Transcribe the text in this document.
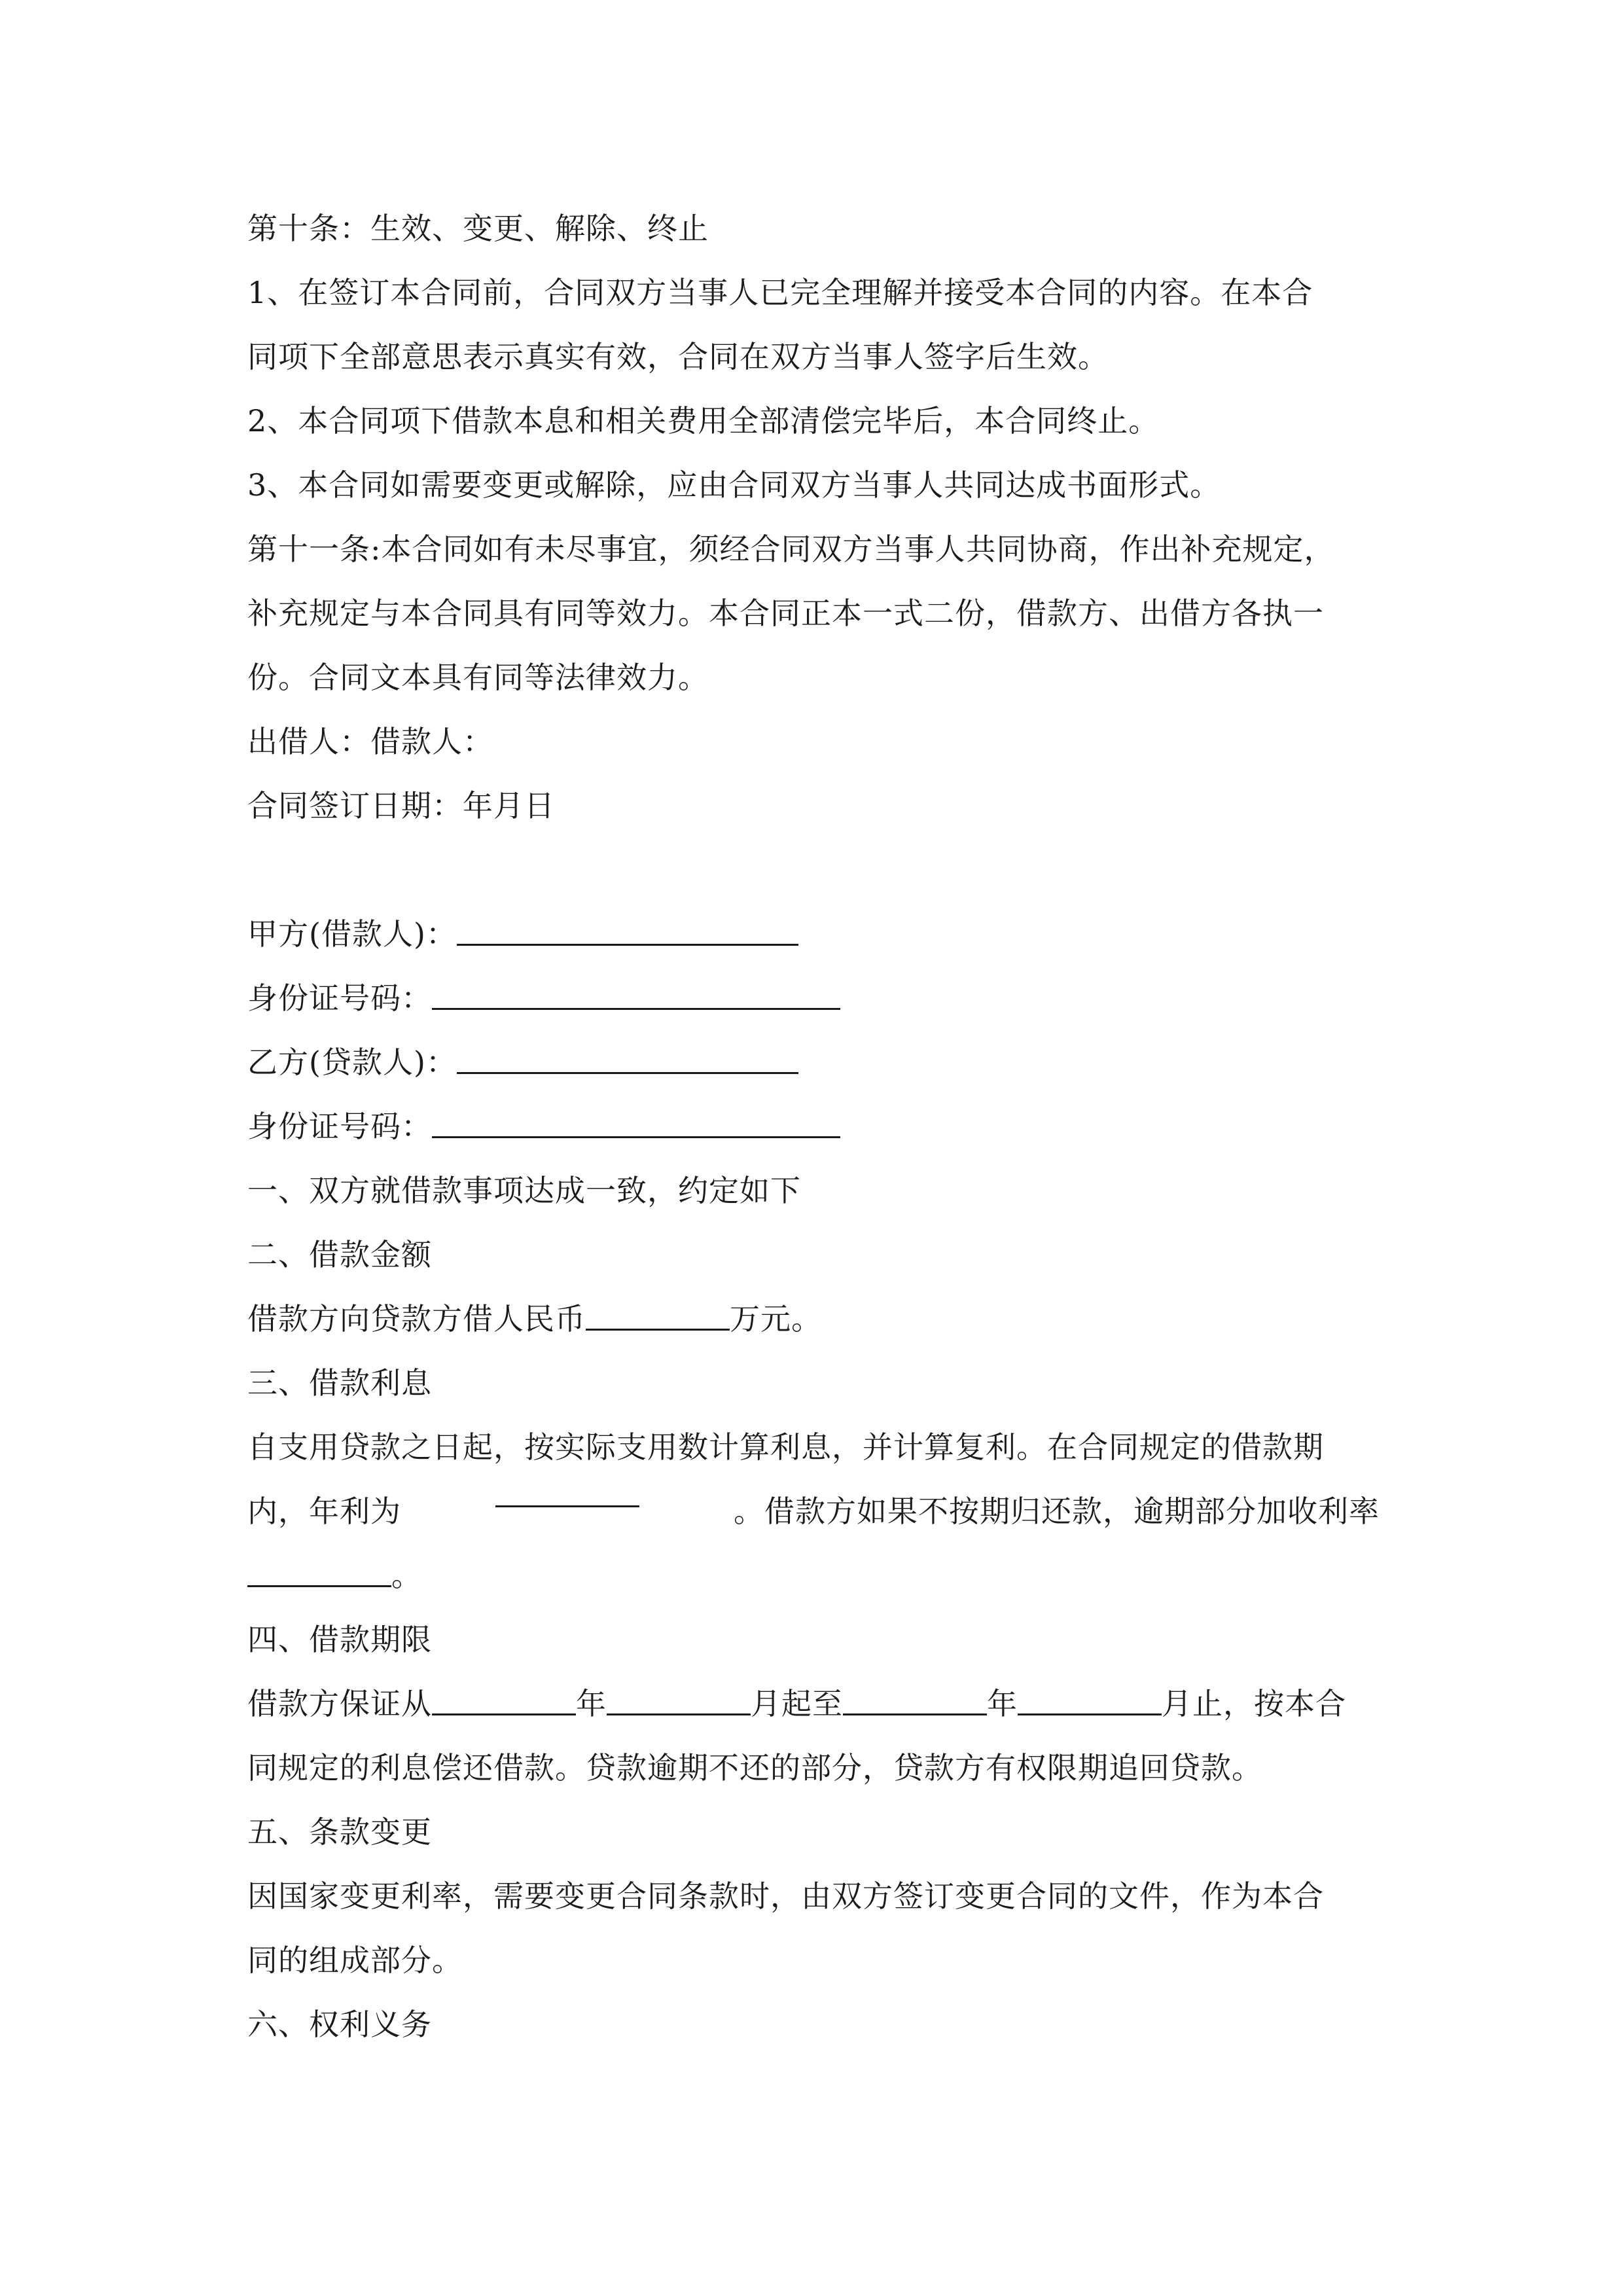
第十条：生效、变更、解除、终止
1、在签订本合同前，合同双方当事人已完全理解并接受本合同的内容。在本合
同项下全部意思表示真实有效，合同在双方当事人签字后生效。
2、本合同项下借款本息和相关费用全部清偿完毕后，本合同终止。
3、本合同如需要变更或解除，应由合同双方当事人共同达成书面形式。
第十一条:本合同如有未尽事宜，须经合同双方当事人共同协商，作出补充规定，
补充规定与本合同具有同等效力。本合同正本一式二份，借款方、出借方各执一
份。合同文本具有同等法律效力。
出借人：借款人：
合同签订日期：年月日
甲方(借款人)：
身份证号码：
乙方(贷款人)：
身份证号码：
一、双方就借款事项达成一致，约定如下
二、借款金额
借款方向贷款方借人民币	万元。
三、借款利息
自支用贷款之日起，按实际支用数计算利息，并计算复利。在合同规定的借款期
内，年利为	。借款方如果不按期归还款，逾期部分加收利率
。
四、借款期限
借款方保证从	年	月起至	年	月止，按本合
同规定的利息偿还借款。贷款逾期不还的部分，贷款方有权限期追回贷款。
五、条款变更
因国家变更利率，需要变更合同条款时，由双方签订变更合同的文件，作为本合
同的组成部分。
六、权利义务
